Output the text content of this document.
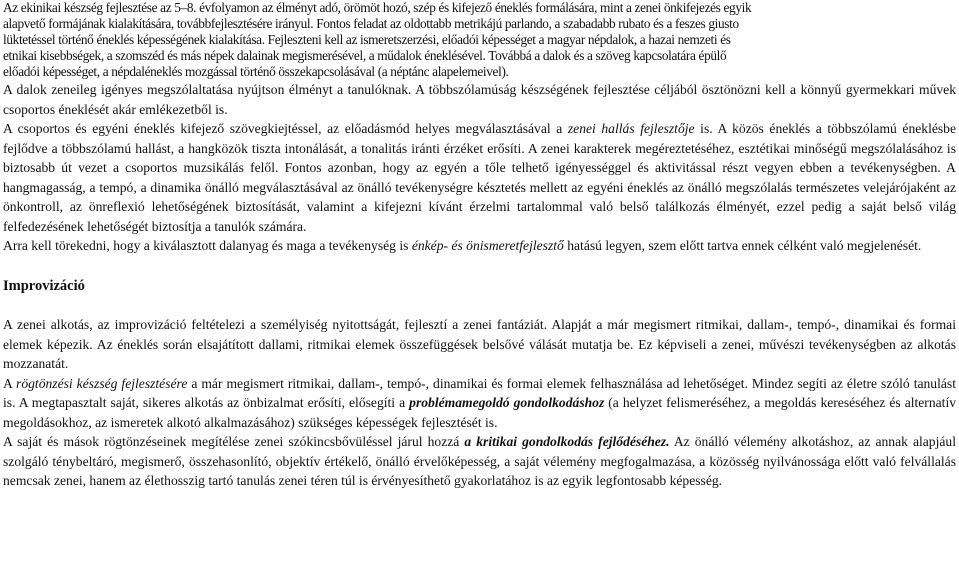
Az ekinikai készség fejlesztése az 5–8. évfolyamon az élményt adó, örömöt hozó, szép és kifejező éneklés formálására, mint a zenei önkifejezés egyik
alapvető formájának kialakítására, továbbfejlesztésére irányul. Fontos feladat az oldottabb metrikájú parlando, a szabadabb rubato és a feszes giusto
lüktetéssel történő éneklés képességének kialakítása. Fejleszteni kell az ismeretszerzési, előadói képességet a magyar népdalok, a hazai nemzeti és
etnikai kisebbségek, a szomszéd és más népek dalainak megismerésével, a műdalok éneklésével. Továbbá a dalok és a szöveg kapcsolatára épülő
előadói képességet, a népdaléneklés mozgással történő összekapcsolásával (a néptánc alapelemeivel).

A dalok zeneileg igényes megszólaltatása nyújtson élményt a tanulóknak. A többszólamúság készségének fejlesztése céljából ösztönözni kell a könnyű gyermekkari művek csoportos éneklését akár emlékezetből is.

A csoportos és egyéni éneklés kifejező szövegkiejtéssel, az előadásmód helyes megválasztásával a zenei hallás fejlesztője is. A közös éneklés a többszólamú éneklésbe fejlődve a többszólamú hallást, a hangközök tiszta intonálását, a tonalitás iránti érzéket erősíti. A zenei karakterek megéreztetéséhez, esztétikai minőségű megszólalásához is biztosabb út vezet a csoportos muzsikálás felől. Fontos azonban, hogy az egyén a tőle telhető igényességgel és aktivitással részt vegyen ebben a tevékenységben. A hangmagasság, a tempó, a dinamika önálló megválasztásával az önálló tevékenységre késztetés mellett az egyéni éneklés az önálló megszólalás természetes velejárójaként az önkontroll, az önreflexió lehetőségének biztosítását, valamint a kifejezni kívánt érzelmi tartalommal való belső találkozás élményét, ezzel pedig a saját belső világ felfedezésének lehetőségét biztosítja a tanulók számára.

Arra kell törekedni, hogy a kiválasztott dalanyag és maga a tevékenység is énkép- és önismeretfejlesztő hatású legyen, szem előtt tartva ennek célként való megjelenését.

Improvizáció

A zenei alkotás, az improvizáció feltételezi a személyiség nyitottságát, fejlesztí a zenei fantáziát. Alapját a már megismert ritmikai, dallam-, tempó-, dinamikai és formai elemek képezik. Az éneklés során elsajátított dallami, ritmikai elemek összefüggések belsővé válását mutatja be. Ez képviseli a zenei, művészi tevékenységben az alkotás mozzanatát.

A rögtönzési készség fejlesztésére a már megismert ritmikai, dallam-, tempó-, dinamikai és formai elemek felhasználása ad lehetőséget. Mindez segíti az életre szóló tanulást is. A megtapasztalt saját, sikeres alkotás az önbizalmat erősíti, elősegíti a problémamegoldó gondolkodáshoz (a helyzet felismeréséhez, a megoldás kereséséhez és alternatív megoldásokhoz, az ismeretek alkotó alkalmazásához) szükséges képességek fejlesztését is.

A saját és mások rögtönzéseinek megítélése zenei szókincsbővüléssel járul hozzá a kritikai gondolkodás fejlődéséhez. Az önálló vélemény alkotáshoz, az annak alapjául szolgáló ténybeltáró, megismerő, összehasonlító, objektív értékelő, önálló érvelőképesség, a saját vélemény megfogalmazása, a közösség nyilvánossága előtt való felvállalás nemcsak zenei, hanem az élethosszig tartó tanulás zenei téren túl is érvényesíthető gyakorlatához is az egyik legfontosabb képesség.
